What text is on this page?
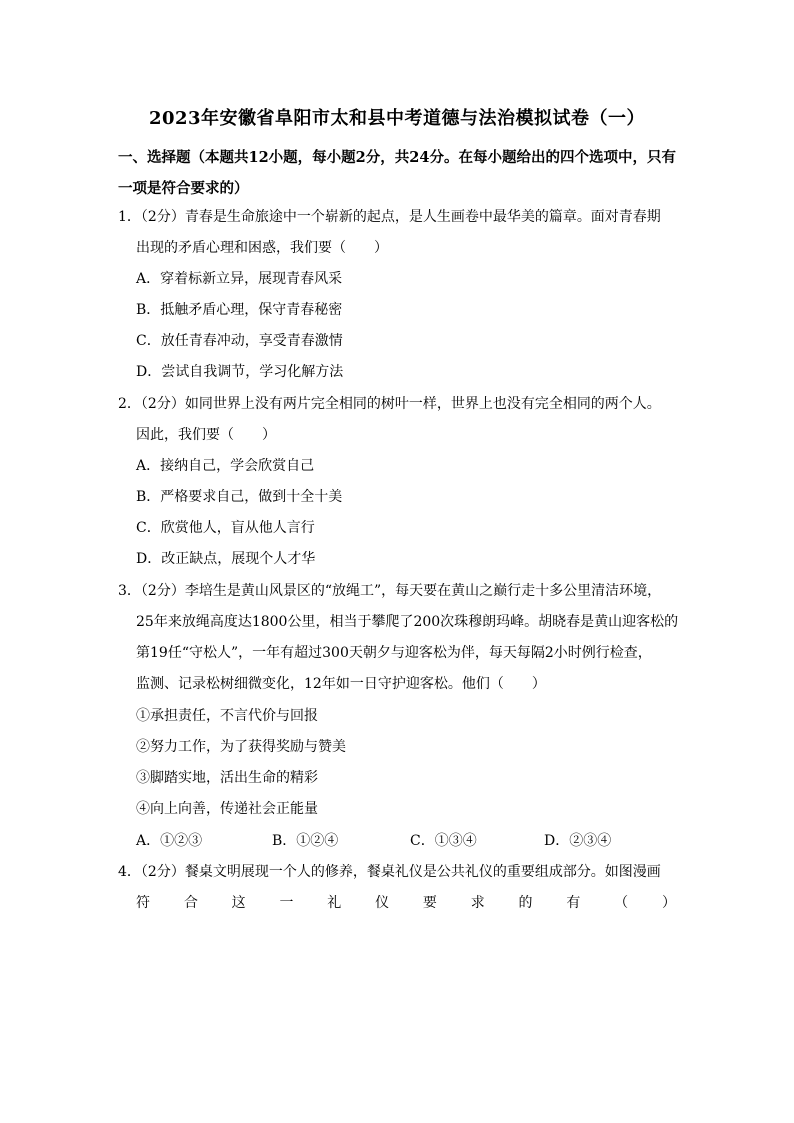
2023年安徽省阜阳市太和县中考道德与法治模拟试卷（一）
一、选择题（本题共12小题，每小题2分，共24分。在每小题给出的四个选项中，只有
一项是符合要求的）
1．（2分）青春是生命旅途中一个崭新的起点，是人生画卷中最华美的篇章。面对青春期
出现的矛盾心理和困惑，我们要（　　）
A．穿着标新立异，展现青春风采
B．抵触矛盾心理，保守青春秘密
C．放任青春冲动，享受青春激情
D．尝试自我调节，学习化解方法
2．（2分）如同世界上没有两片完全相同的树叶一样，世界上也没有完全相同的两个人。
因此，我们要（　　）
A．接纳自己，学会欣赏自己
B．严格要求自己，做到十全十美
C．欣赏他人，盲从他人言行
D．改正缺点，展现个人才华
3．（2分）李培生是黄山风景区的“放绳工”，每天要在黄山之巅行走十多公里清洁环境，
25年来放绳高度达1800公里，相当于攀爬了200次珠穆朗玛峰。胡晓春是黄山迎客松的
第19任“守松人”，一年有超过300天朝夕与迎客松为伴，每天每隔2小时例行检查，
监测、记录松树细微变化，12年如一日守护迎客松。他们（　　）
①承担责任，不言代价与回报
②努力工作，为了获得奖励与赞美
③脚踏实地，活出生命的精彩
④向上向善，传递社会正能量
A．①②③	B．①②④	C．①③④	D．②③④
4．（2分）餐桌文明展现一个人的修养，餐桌礼仪是公共礼仪的重要组成部分。如图漫画
符 合 这 一 礼 仪 要 求 的 有 （ ）
